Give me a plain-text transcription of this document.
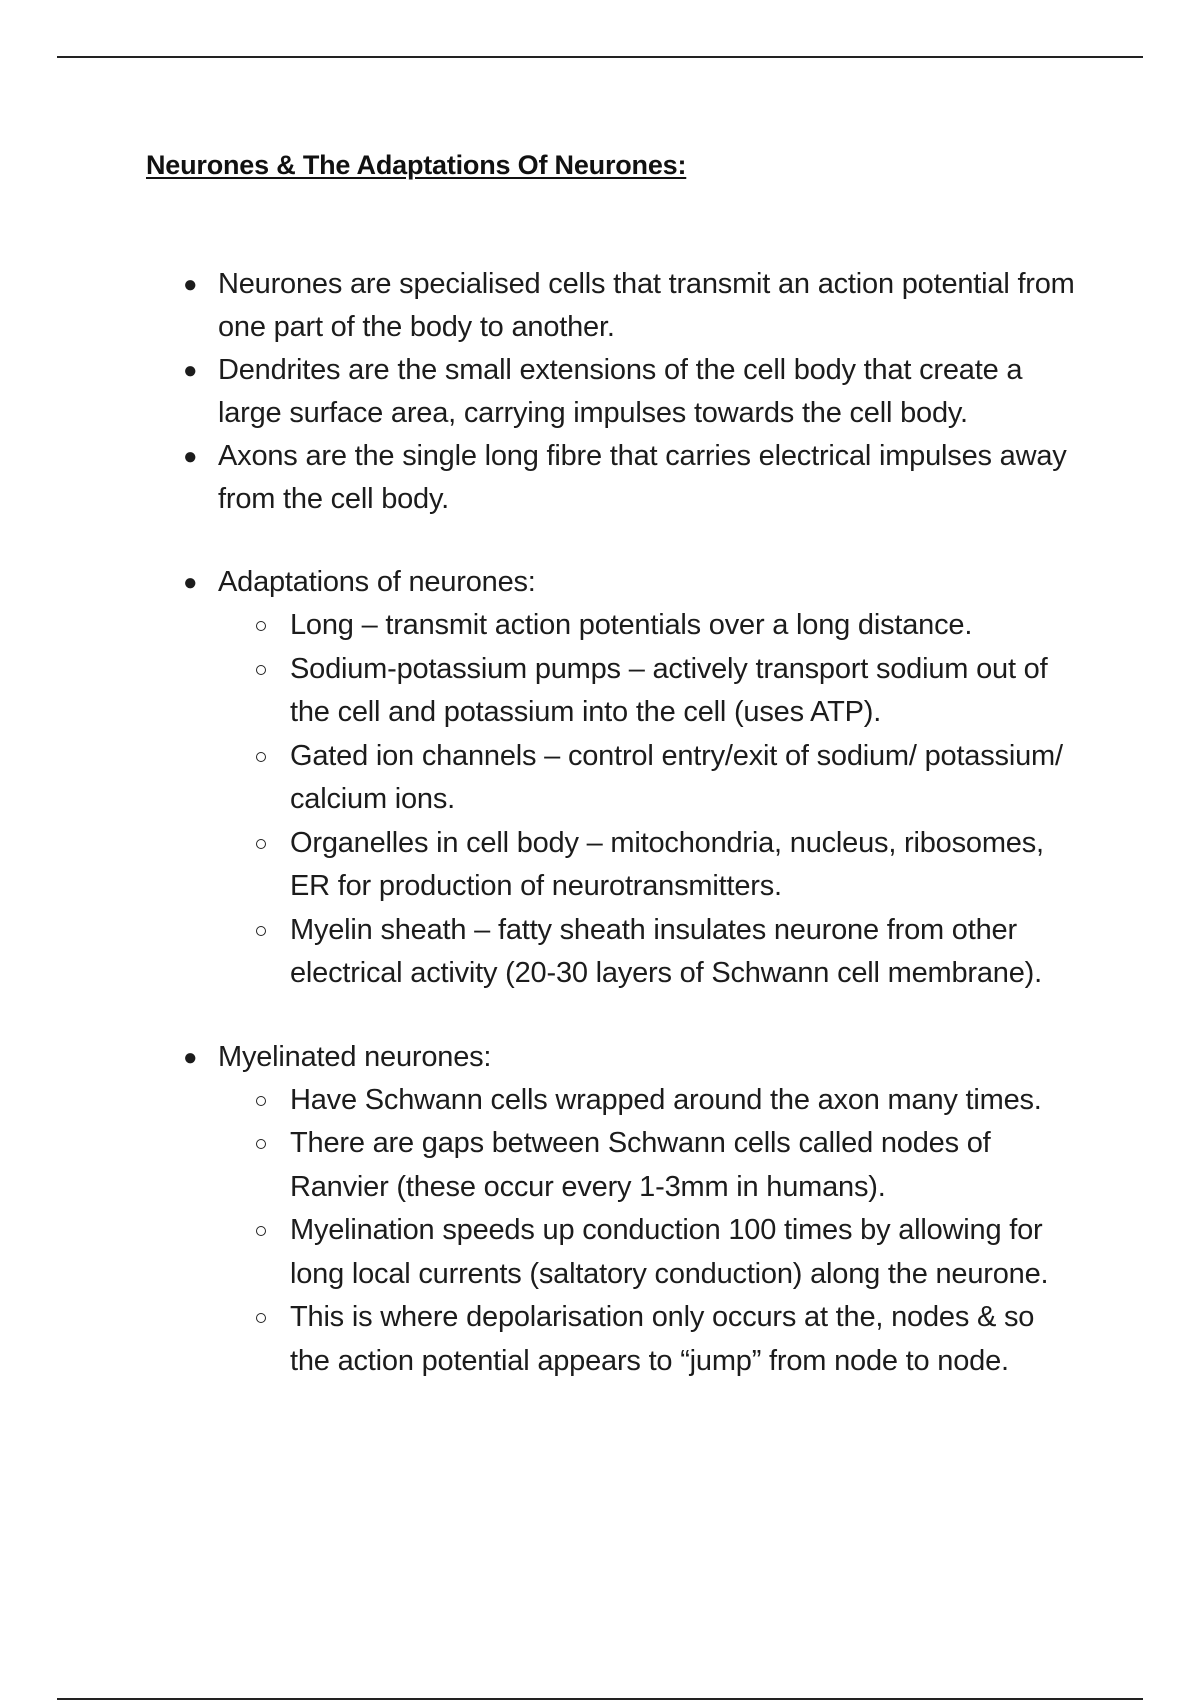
Neurones & The Adaptations Of Neurones:
● Neurones are specialised cells that transmit an action potential from one part of the body to another.
● Dendrites are the small extensions of the cell body that create a large surface area, carrying impulses towards the cell body.
● Axons are the single long fibre that carries electrical impulses away from the cell body.
● Adaptations of neurones:
Long – transmit action potentials over a long distance.
Sodium-potassium pumps – actively transport sodium out of the cell and potassium into the cell (uses ATP).
Gated ion channels – control entry/exit of sodium/ potassium/ calcium ions.
Organelles in cell body – mitochondria, nucleus, ribosomes, ER for production of neurotransmitters.
Myelin sheath – fatty sheath insulates neurone from other electrical activity (20-30 layers of Schwann cell membrane).
● Myelinated neurones:
Have Schwann cells wrapped around the axon many times.
There are gaps between Schwann cells called nodes of Ranvier (these occur every 1-3mm in humans).
Myelination speeds up conduction 100 times by allowing for long local currents (saltatory conduction) along the neurone.
This is where depolarisation only occurs at the, nodes & so the action potential appears to “jump” from node to node.
